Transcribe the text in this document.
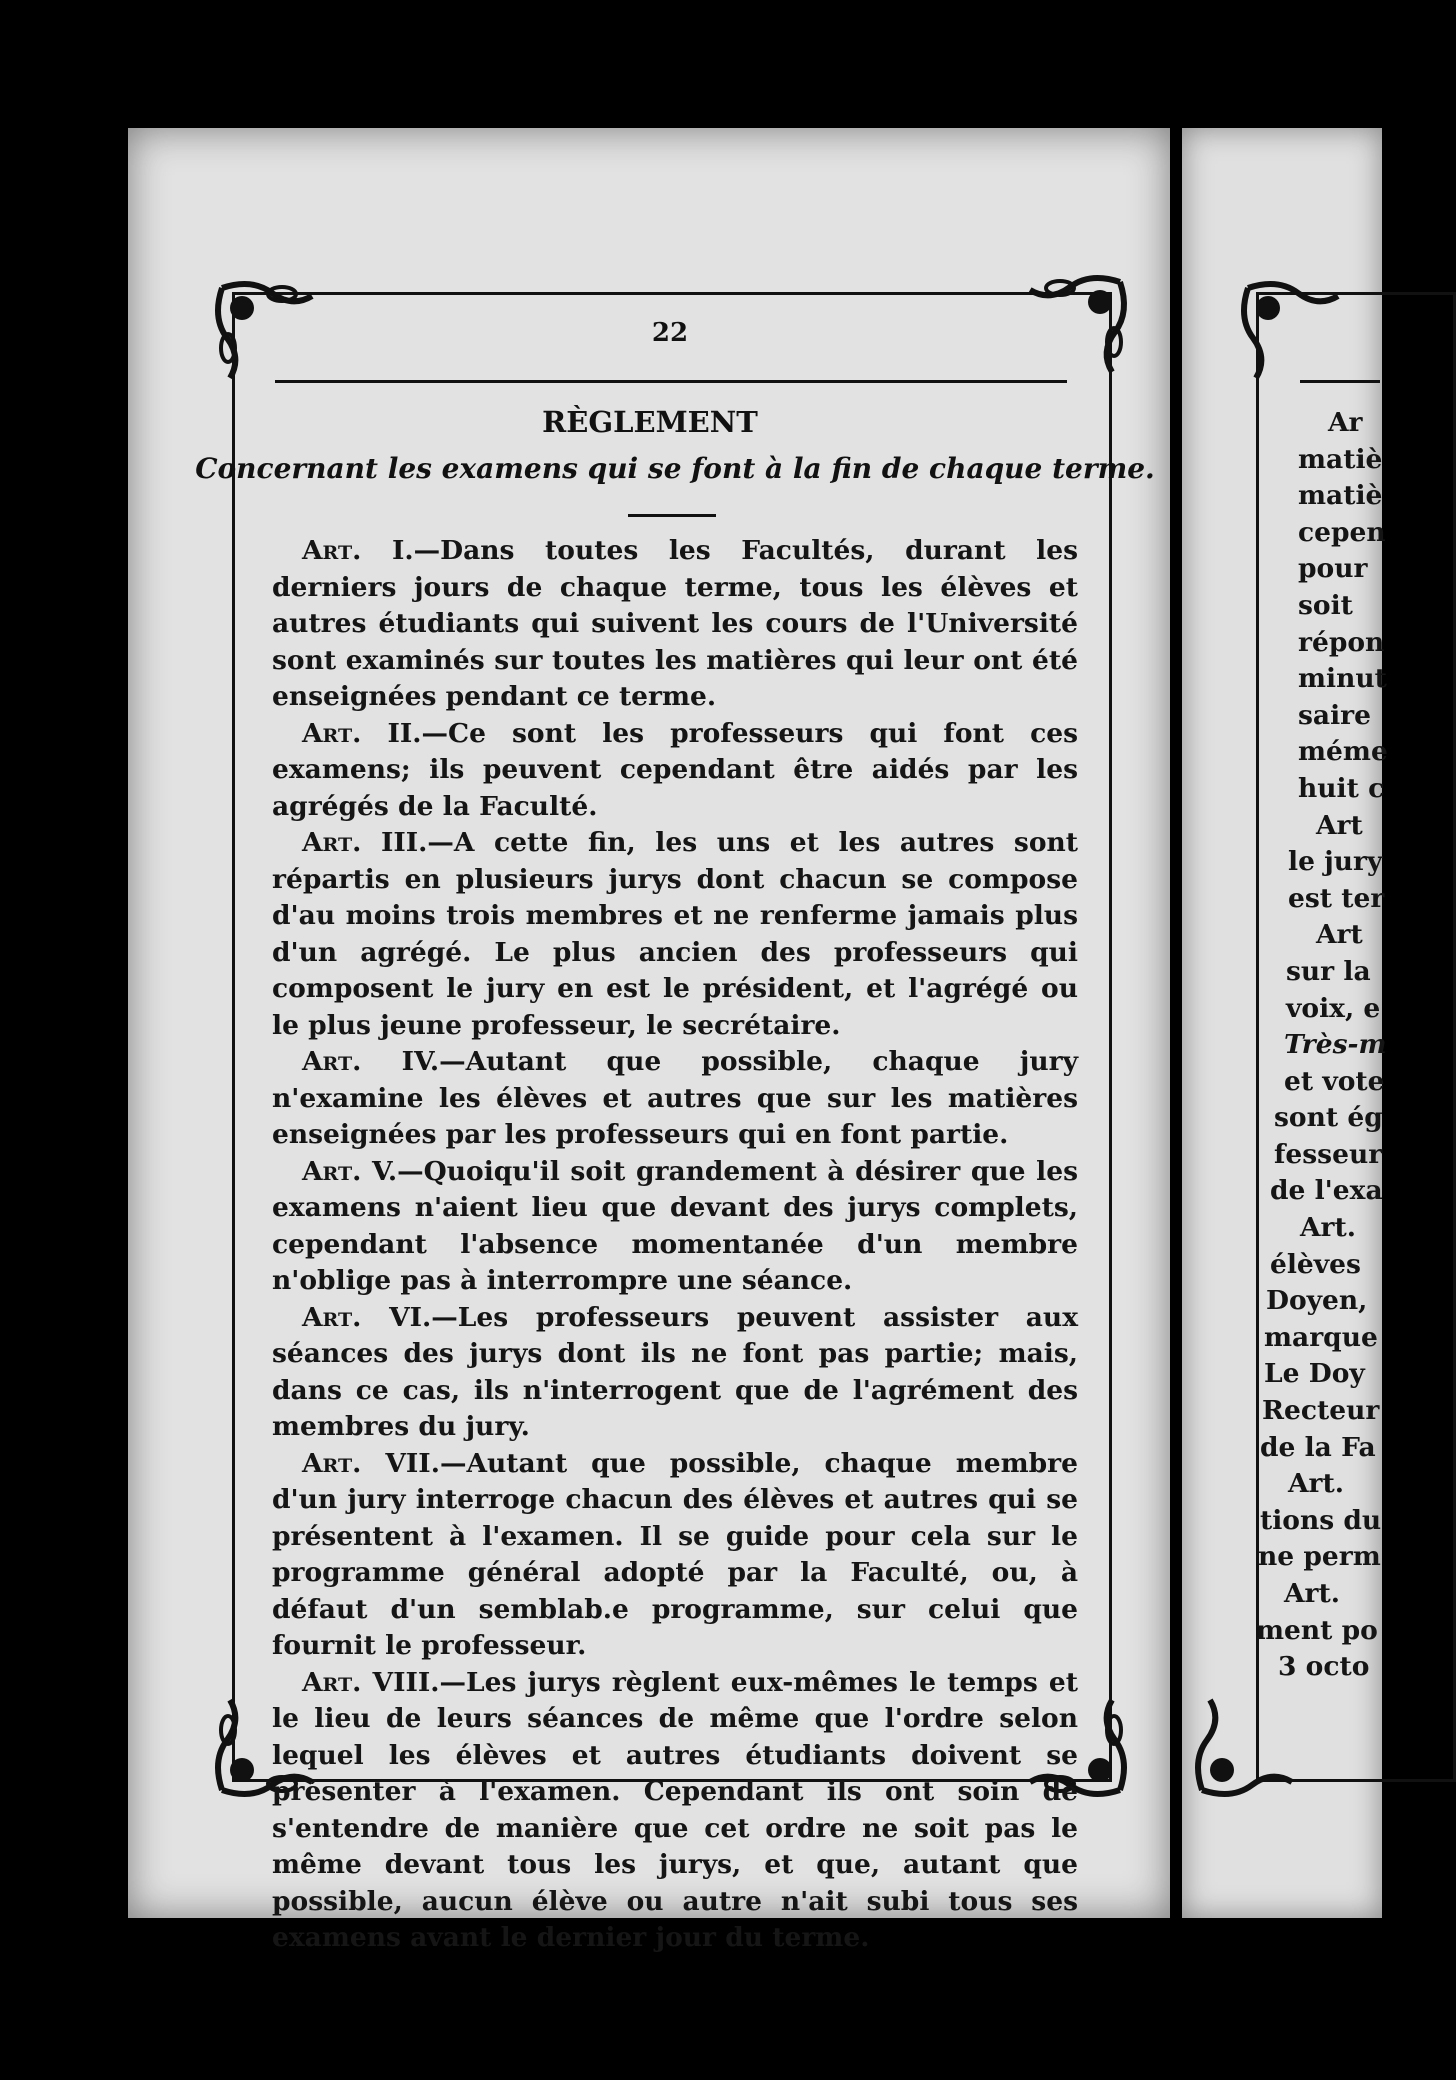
22
RÈGLEMENT
Concernant les examens qui se font à la fin de chaque terme.

Art. I.—Dans toutes les Facultés, durant les derniers jours de chaque terme, tous les élèves et autres étudiants qui suivent les cours de l'Université sont examinés sur toutes les matières qui leur ont été enseignées pendant ce terme.

Art. II.—Ce sont les professeurs qui font ces examens; ils peuvent cependant être aidés par les agrégés de la Faculté.

Art. III.—A cette fin, les uns et les autres sont répartis en plusieurs jurys dont chacun se compose d'au moins trois membres et ne renferme jamais plus d'un agrégé. Le plus ancien des professeurs qui composent le jury en est le président, et l'agrégé ou le plus jeune professeur, le secrétaire.

Art. IV.—Autant que possible, chaque jury n'examine les élèves et autres que sur les matières enseignées par les professeurs qui en font partie.

Art. V.—Quoiqu'il soit grandement à désirer que les examens n'aient lieu que devant des jurys complets, cependant l'absence momentanée d'un membre n'oblige pas à interrompre une séance.

Art. VI.—Les professeurs peuvent assister aux séances des jurys dont ils ne font pas partie; mais, dans ce cas, ils n'interrogent que de l'agrément des membres du jury.

Art. VII.—Autant que possible, chaque membre d'un jury interroge chacun des élèves et autres qui se présentent à l'examen. Il se guide pour cela sur le programme général adopté par la Faculté, ou, à défaut d'un semblab.e programme, sur celui que fournit le professeur.

Art. VIII.—Les jurys règlent eux-mêmes le temps et le lieu de leurs séances de même que l'ordre selon lequel les élèves et autres étudiants doivent se présenter à l'examen. Cependant ils ont soin de s'entendre de manière que cet ordre ne soit pas le même devant tous les jurys, et que, autant que possible, aucun élève ou autre n'ait subi tous ses examens avant le dernier jour du terme.

Ar
matiè
matiè
cepen
pour
soit
répon
minut
saire
méme
huit c
Art
le jury
est ter
Art
sur la
voix, e
Très-m
et vote
sont ég
fesseur
de l'exa
Art.
élèves
Doyen,
marque
Le Doy
Recteur
de la Fa
Art.
tions du
ne perm
Art.
ment po
3 octo
